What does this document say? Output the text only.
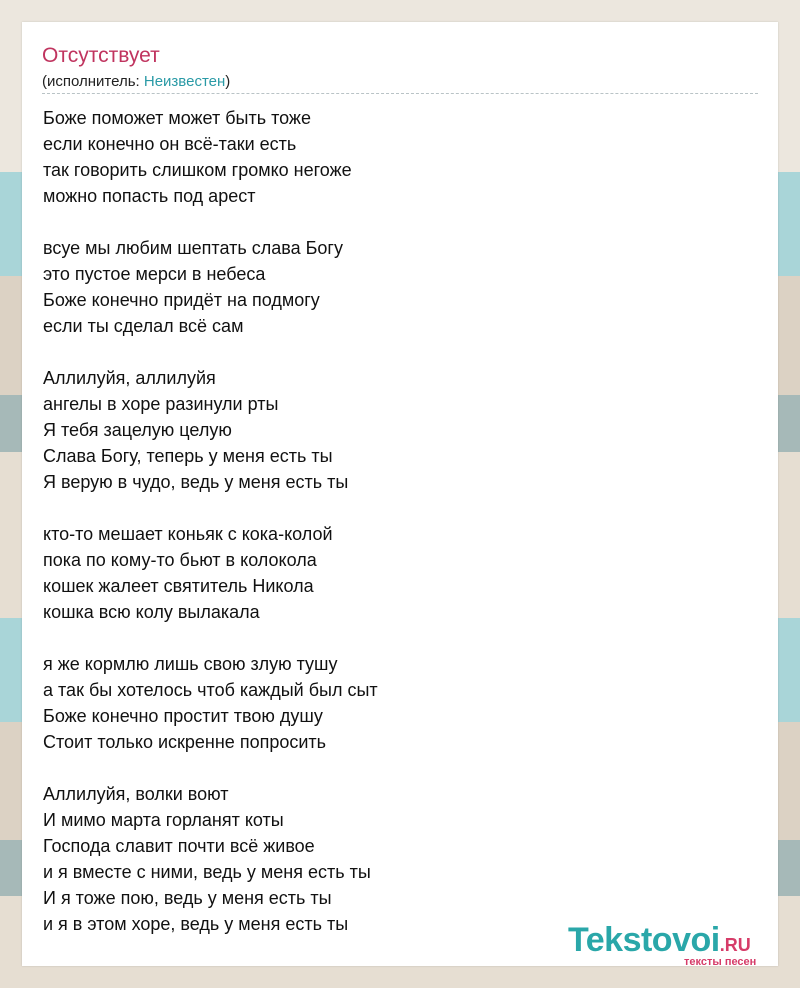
Отсутствует
(исполнитель: Неизвестен)
Боже поможет может быть тоже
если конечно он всё-таки есть
так говорить слишком громко негоже
можно попасть под арест
всуе мы любим шептать слава Богу
это пустое мерси в небеса
Боже конечно придёт на подмогу
если ты сделал всё сам
Аллилуйя, аллилуйя
ангелы в хоре разинули рты
Я тебя зацелую целую
Слава Богу, теперь у меня есть ты
Я верую в чудо, ведь у меня есть ты
кто-то мешает коньяк с кока-колой
пока по кому-то бьют в колокола
кошек жалеет святитель Никола
кошка всю колу вылакала
я же кормлю лишь свою злую тушу
а так бы хотелось чтоб каждый был сыт
Боже конечно простит твою душу
Стоит только искренне попросить
Аллилуйя, волки воют
И мимо марта горланят коты
Господа славит почти всё живое
и я вместе с ними, ведь у меня есть ты
И я тоже пою, ведь у меня есть ты
и я в этом хоре, ведь у меня есть ты	Tekstovoi.RU
тексты песен
